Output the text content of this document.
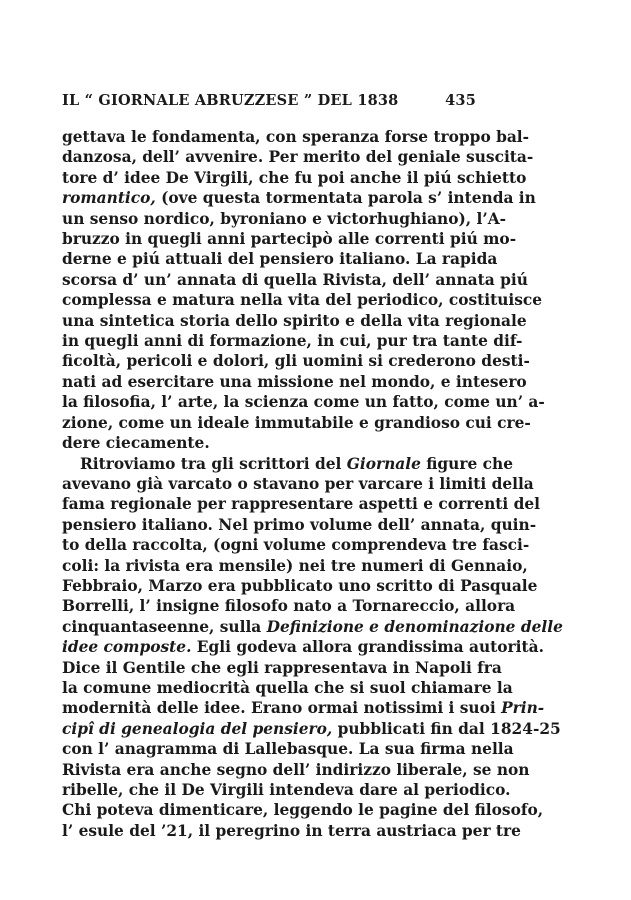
IL “ GIORNALE ABRUZZESE ” DEL 1838	435
gettava le fondamenta, con speranza forse troppo bal-
danzosa, dell’ avvenire. Per merito del geniale suscita-
tore d’ idee De Virgili, che fu poi anche il piú schietto
romantico, (ove questa tormentata parola s’ intenda in
un senso nordico, byroniano e victorhughiano), l’A-
bruzzo in quegli anni partecipò alle correnti piú mo-
derne e piú attuali del pensiero italiano. La rapida
scorsa d’ un’ annata di quella Rivista, dell’ annata piú
complessa e matura nella vita del periodico, costituisce
una sintetica storia dello spirito e della vita regionale
in quegli anni di formazione, in cui, pur tra tante dif-
ficoltà, pericoli e dolori, gli uomini si crederono desti-
nati ad esercitare una missione nel mondo, e intesero
la filosofia, l’ arte, la scienza come un fatto, come un’ a-
zione, come un ideale immutabile e grandioso cui cre-
dere ciecamente.
Ritroviamo tra gli scrittori del Giornale figure che
avevano già varcato o stavano per varcare i limiti della
fama regionale per rappresentare aspetti e correnti del
pensiero italiano. Nel primo volume dell’ annata, quin-
to della raccolta, (ogni volume comprendeva tre fasci-
coli: la rivista era mensile) nei tre numeri di Gennaio,
Febbraio, Marzo era pubblicato uno scritto di Pasquale
Borrelli, l’ insigne filosofo nato a Tornareccio, allora
cinquantaseenne, sulla Definizione e denominazione delle
idee composte. Egli godeva allora grandissima autorità.
Dice il Gentile che egli rappresentava in Napoli fra
la comune mediocrità quella che si suol chiamare la
modernità delle idee. Erano ormai notissimi i suoi Prin-
cipî di genealogia del pensiero, pubblicati fin dal 1824-25
con l’ anagramma di Lallebasque. La sua firma nella
Rivista era anche segno dell’ indirizzo liberale, se non
ribelle, che il De Virgili intendeva dare al periodico.
Chi poteva dimenticare, leggendo le pagine del filosofo,
l’ esule del ’21, il peregrino in terra austriaca per tre
